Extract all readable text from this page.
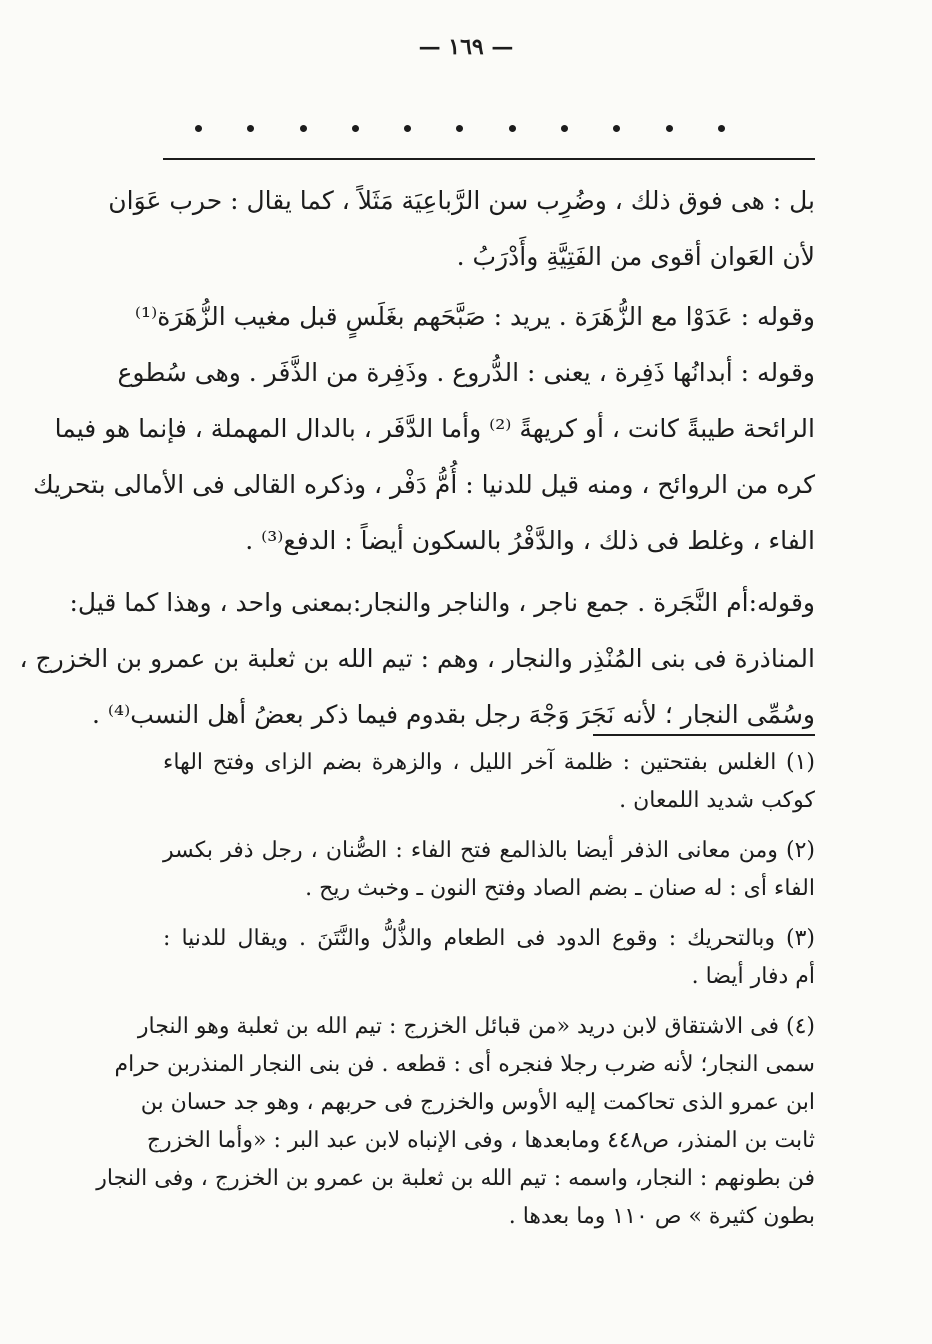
— ١٦٩ —
بل : هى فوق ذلك ، وضُرِب سن الرَّباعِيَة مَثَلاً ، كما يقال : حرب عَوَان
لأن العَوان أقوى من الفَتِيَّةِ وأَدْرَبُ .
وقوله : عَدَوْا مع الزُّهَرَة . يريد : صَبَّحَهم بغَلَسٍ قبل مغيب الزُّهَرَة⁽¹⁾
وقوله : أبدانُها ذَفِرة ، يعنى : الدُّروع . وذَفِرة من الذَّفَر . وهى سُطوع
الرائحة طيبةً كانت ، أو كريهةً ⁽²⁾ وأما الدَّفَر ، بالدال المهملة ، فإنما هو فيما
كره من الروائح ، ومنه قيل للدنيا : أُمُّ دَفْر ، وذكره القالى فى الأمالى بتحريك
الفاء ، وغلط فى ذلك ، والدَّفْرُ بالسكون أيضاً : الدفع⁽³⁾ .
وقوله:أم النَّجَرة . جمع ناجر ، والناجر والنجار:بمعنى واحد ، وهذا كما قيل:
المناذرة فى بنى المُنْذِر والنجار ، وهم : تيم الله بن ثعلبة بن عمرو بن الخزرج ،
وسُمِّى النجار ؛ لأنه نَجَرَ وَجْهَ رجل بقدوم فيما ذكر بعضُ أهل النسب⁽⁴⁾ .
(١) الغلس بفتحتين : ظلمة آخر الليل ، والزهرة بضم الزاى وفتح الهاء
كوكب شديد اللمعان .
(٢) ومن معانى الذفر أيضا بالذالمع فتح الفاء : الصُّنان ، رجل ذفر بكسر
الفاء أى : له صنان ـ بضم الصاد وفتح النون ـ وخبث ريح .
(٣) وبالتحريك : وقوع الدود فى الطعام والذُّلُّ والنَّتَنَ . ويقال للدنيا :
أم دفار أيضا .
(٤) فى الاشتقاق لابن دريد «من قبائل الخزرج : تيم الله بن ثعلبة وهو النجار
سمى النجار؛ لأنه ضرب رجلا فنجره أى : قطعه . فن بنى النجار المنذربن حرام
ابن عمرو الذى تحاكمت إليه الأوس والخزرج فى حربهم ، وهو جد حسان بن
ثابت بن المنذر، ص٤٤٨ ومابعدها ، وفى الإنباه لابن عبد البر : «وأما الخزرج
فن بطونهم : النجار، واسمه : تيم الله بن ثعلبة بن عمرو بن الخزرج ، وفى النجار
بطون كثيرة » ص ١١٠ وما بعدها .
